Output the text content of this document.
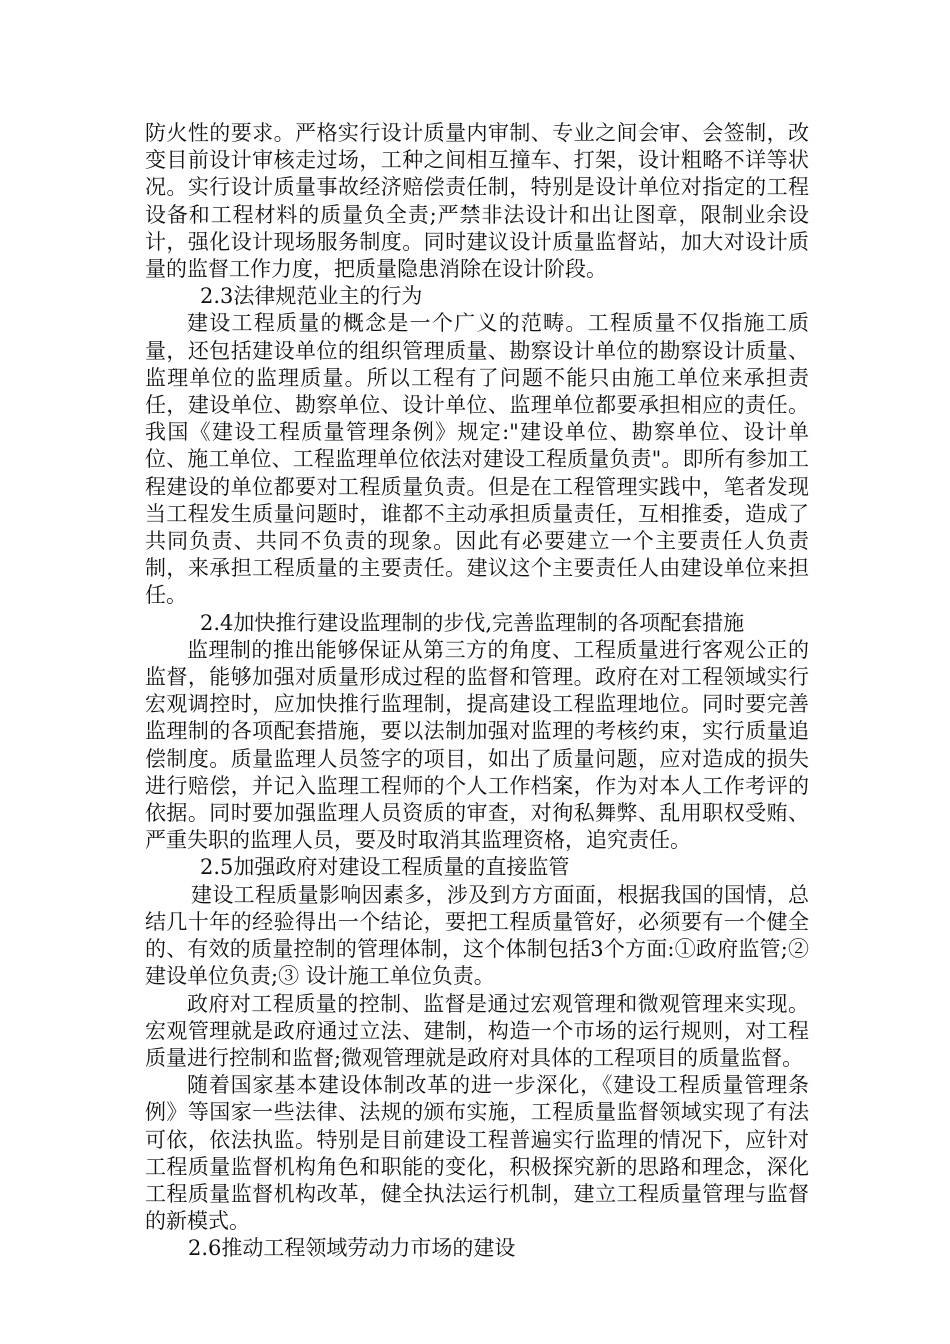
防火性的要求。严格实行设计质量内审制、专业之间会审、会签制，改变目前设计审核走过场，工种之间相互撞车、打架，设计粗略不详等状况。实行设计质量事故经济赔偿责任制，特别是设计单位对指定的工程设备和工程材料的质量负全责;严禁非法设计和出让图章，限制业余设计，强化设计现场服务制度。同时建议设计质量监督站，加大对设计质量的监督工作力度，把质量隐患消除在设计阶段。

2.3法律规范业主的行为

建设工程质量的概念是一个广义的范畴。工程质量不仅指施工质量，还包括建设单位的组织管理质量、勘察设计单位的勘察设计质量、监理单位的监理质量。所以工程有了问题不能只由施工单位来承担责任，建设单位、勘察单位、设计单位、监理单位都要承担相应的责任。我国《建设工程质量管理条例》规定:"建设单位、勘察单位、设计单位、施工单位、工程监理单位依法对建设工程质量负责"。即所有参加工程建设的单位都要对工程质量负责。但是在工程管理实践中，笔者发现当工程发生质量问题时，谁都不主动承担质量责任，互相推委，造成了共同负责、共同不负责的现象。因此有必要建立一个主要责任人负责制，来承担工程质量的主要责任。建议这个主要责任人由建设单位来担任。

2.4加快推行建设监理制的步伐,完善监理制的各项配套措施

监理制的推出能够保证从第三方的角度、工程质量进行客观公正的监督，能够加强对质量形成过程的监督和管理。政府在对工程领域实行宏观调控时，应加快推行监理制，提高建设工程监理地位。同时要完善监理制的各项配套措施，要以法制加强对监理的考核约束，实行质量追偿制度。质量监理人员签字的项目，如出了质量问题，应对造成的损失进行赔偿，并记入监理工程师的个人工作档案，作为对本人工作考评的依据。同时要加强监理人员资质的审查，对徇私舞弊、乱用职权受贿、严重失职的监理人员，要及时取消其监理资格，追究责任。

2.5加强政府对建设工程质量的直接监管

建设工程质量影响因素多，涉及到方方面面，根据我国的国情，总结几十年的经验得出一个结论，要把工程质量管好，必须要有一个健全的、有效的质量控制的管理体制，这个体制包括3个方面:①政府监管;② 建设单位负责;③ 设计施工单位负责。

政府对工程质量的控制、监督是通过宏观管理和微观管理来实现。宏观管理就是政府通过立法、建制，构造一个市场的运行规则，对工程质量进行控制和监督;微观管理就是政府对具体的工程项目的质量监督。

随着国家基本建设体制改革的进一步深化，《建设工程质量管理条例》等国家一些法律、法规的颁布实施，工程质量监督领域实现了有法可依，依法执监。特别是目前建设工程普遍实行监理的情况下，应针对工程质量监督机构角色和职能的变化，积极探究新的思路和理念，深化工程质量监督机构改革，健全执法运行机制，建立工程质量管理与监督的新模式。

2.6推动工程领域劳动力市场的建设
